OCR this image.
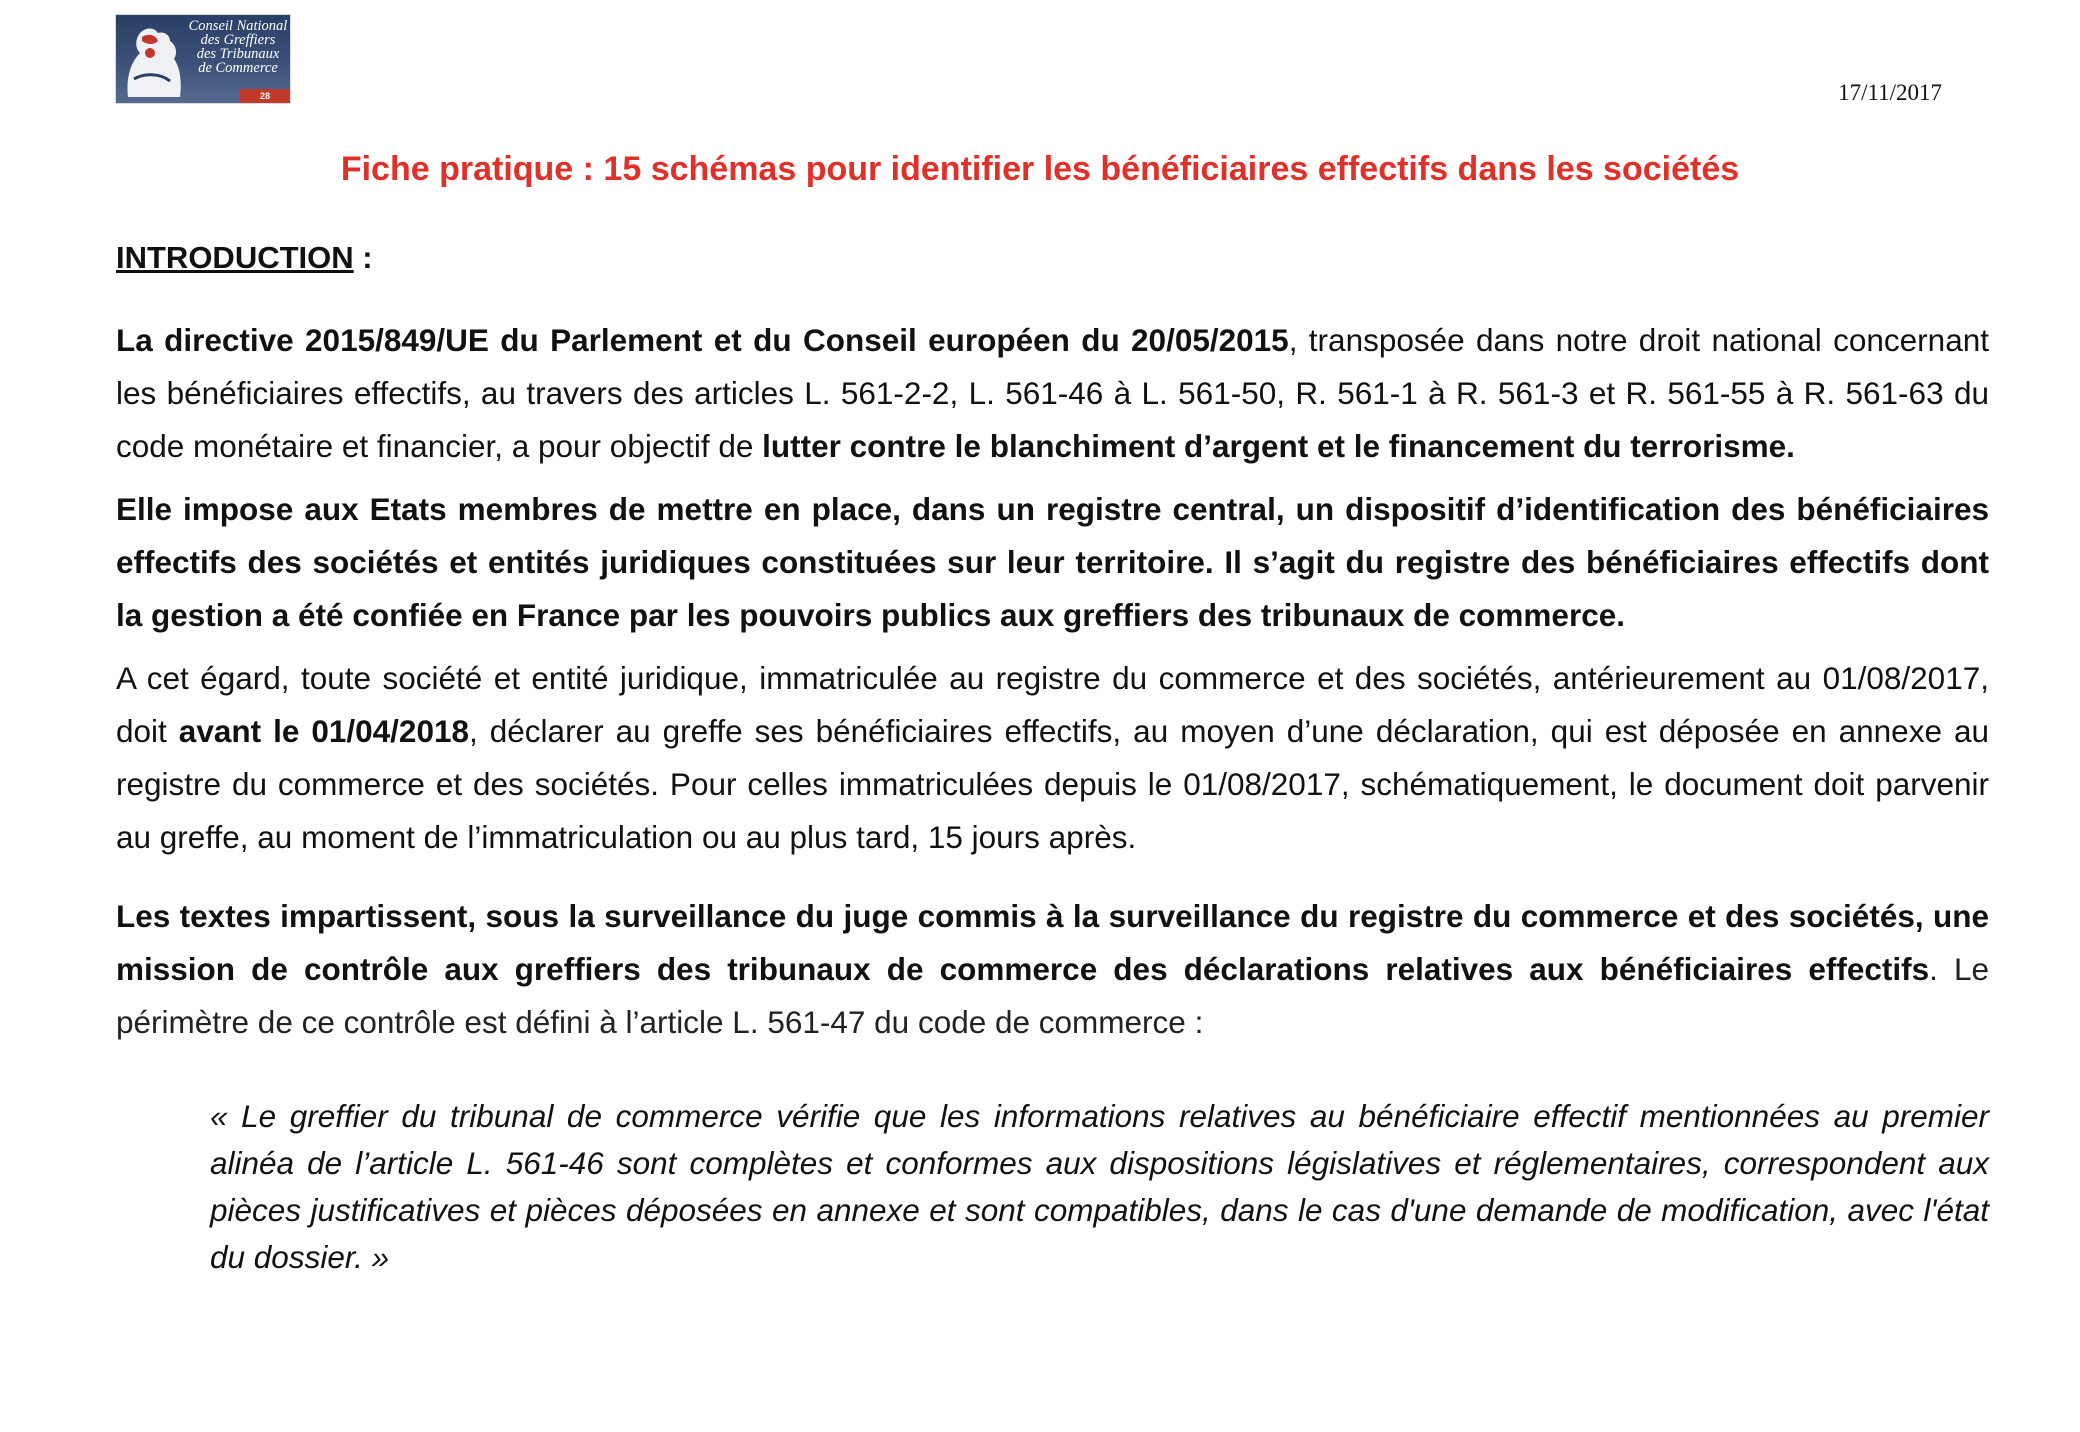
Conseil National
des Greffiers
des Tribunaux
de Commerce
28	17/11/2017
Fiche pratique : 15 schémas pour identifier les bénéficiaires effectifs dans les sociétés
INTRODUCTION :

La directive 2015/849/UE du Parlement et du Conseil européen du 20/05/2015, transposée dans notre droit national concernant les bénéficiaires effectifs, au travers des articles L. 561-2-2, L. 561-46 à L. 561-50, R. 561-1 à R. 561-3 et R. 561-55 à R. 561-63 du code monétaire et financier, a pour objectif de lutter contre le blanchiment d’argent et le financement du terrorisme.

Elle impose aux Etats membres de mettre en place, dans un registre central, un dispositif d’identification des bénéficiaires effectifs des sociétés et entités juridiques constituées sur leur territoire. Il s’agit du registre des bénéficiaires effectifs dont la gestion a été confiée en France par les pouvoirs publics aux greffiers des tribunaux de commerce.

A cet égard, toute société et entité juridique, immatriculée au registre du commerce et des sociétés, antérieurement au 01/08/2017, doit avant le 01/04/2018, déclarer au greffe ses bénéficiaires effectifs, au moyen d’une déclaration, qui est déposée en annexe au registre du commerce et des sociétés. Pour celles immatriculées depuis le 01/08/2017, schématiquement, le document doit parvenir au greffe, au moment de l’immatriculation ou au plus tard, 15 jours après.

Les textes impartissent, sous la surveillance du juge commis à la surveillance du registre du commerce et des sociétés, une mission de contrôle aux greffiers des tribunaux de commerce des déclarations relatives aux bénéficiaires effectifs. Le périmètre de ce contrôle est défini à l’article L. 561-47 du code de commerce :

« Le greffier du tribunal de commerce vérifie que les informations relatives au bénéficiaire effectif mentionnées au premier alinéa de l’article L. 561-46 sont complètes et conformes aux dispositions législatives et réglementaires, correspondent aux pièces justificatives et pièces déposées en annexe et sont compatibles, dans le cas d'une demande de modification, avec l'état du dossier. »
